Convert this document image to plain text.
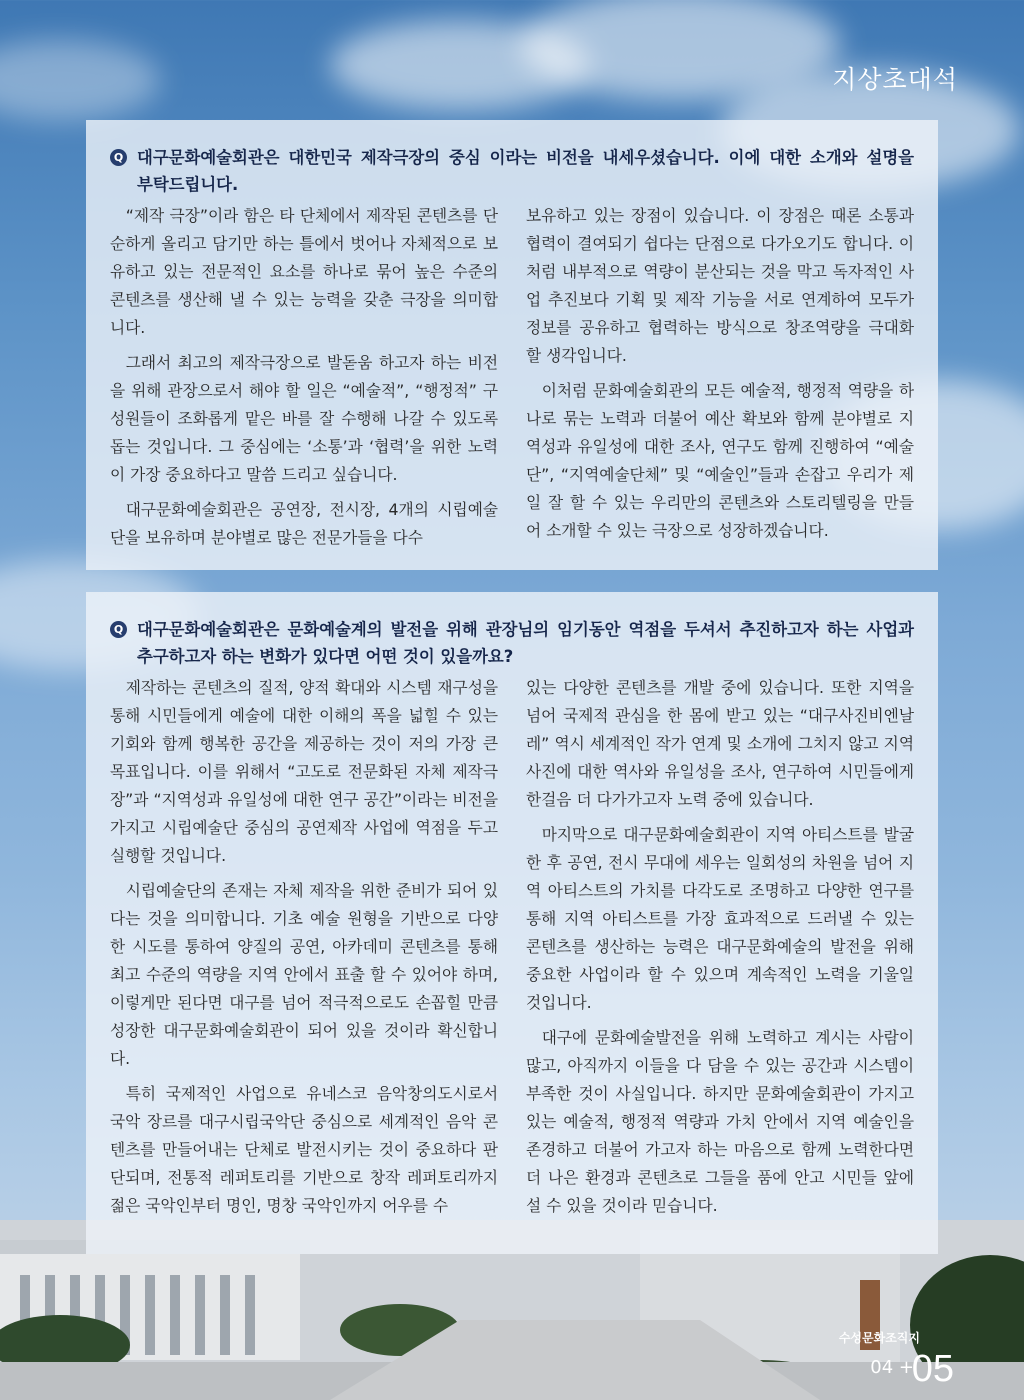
지상초대석
Q 대구문화예술회관은 대한민국 제작극장의 중심 이라는 비전을 내세우셨습니다. 이에 대한 소개와 설명을 부탁드립니다.

“제작 극장”이라 함은 타 단체에서 제작된 콘텐츠를 단순하게 올리고 담기만 하는 틀에서 벗어나 자체적으로 보유하고 있는 전문적인 요소를 하나로 묶어 높은 수준의 콘텐츠를 생산해 낼 수 있는 능력을 갖춘 극장을 의미합니다.

그래서 최고의 제작극장으로 발돋움 하고자 하는 비전을 위해 관장으로서 해야 할 일은 “예술적”, “행정적” 구성원들이 조화롭게 맡은 바를 잘 수행해 나갈 수 있도록 돕는 것입니다. 그 중심에는 ‘소통’과 ‘협력’을 위한 노력이 가장 중요하다고 말씀 드리고 싶습니다.

대구문화예술회관은 공연장, 전시장, 4개의 시립예술단을 보유하며 분야별로 많은 전문가들을 다수

보유하고 있는 장점이 있습니다. 이 장점은 때론 소통과 협력이 결여되기 쉽다는 단점으로 다가오기도 합니다. 이처럼 내부적으로 역량이 분산되는 것을 막고 독자적인 사업 추진보다 기획 및 제작 기능을 서로 연계하여 모두가 정보를 공유하고 협력하는 방식으로 창조역량을 극대화할 생각입니다.

이처럼 문화예술회관의 모든 예술적, 행정적 역량을 하나로 묶는 노력과 더불어 예산 확보와 함께 분야별로 지역성과 유일성에 대한 조사, 연구도 함께 진행하여 “예술단”, “지역예술단체” 및 “예술인”들과 손잡고 우리가 제일 잘 할 수 있는 우리만의 콘텐츠와 스토리텔링을 만들어 소개할 수 있는 극장으로 성장하겠습니다.

Q 대구문화예술회관은 문화예술계의 발전을 위해 관장님의 임기동안 역점을 두셔서 추진하고자 하는 사업과 추구하고자 하는 변화가 있다면 어떤 것이 있을까요?

제작하는 콘텐츠의 질적, 양적 확대와 시스템 재구성을 통해 시민들에게 예술에 대한 이해의 폭을 넓힐 수 있는 기회와 함께 행복한 공간을 제공하는 것이 저의 가장 큰 목표입니다. 이를 위해서 “고도로 전문화된 자체 제작극장”과 “지역성과 유일성에 대한 연구 공간”이라는 비전을 가지고 시립예술단 중심의 공연제작 사업에 역점을 두고 실행할 것입니다.

시립예술단의 존재는 자체 제작을 위한 준비가 되어 있다는 것을 의미합니다. 기초 예술 원형을 기반으로 다양한 시도를 통하여 양질의 공연, 아카데미 콘텐츠를 통해 최고 수준의 역량을 지역 안에서 표출 할 수 있어야 하며, 이렇게만 된다면 대구를 넘어 적극적으로도 손꼽힐 만큼 성장한 대구문화예술회관이 되어 있을 것이라 확신합니다.

특히 국제적인 사업으로 유네스코 음악창의도시로서 국악 장르를 대구시립국악단 중심으로 세계적인 음악 콘텐츠를 만들어내는 단체로 발전시키는 것이 중요하다 판단되며, 전통적 레퍼토리를 기반으로 창작 레퍼토리까지 젊은 국악인부터 명인, 명창 국악인까지 어우를 수

있는 다양한 콘텐츠를 개발 중에 있습니다. 또한 지역을 넘어 국제적 관심을 한 몸에 받고 있는 “대구사진비엔날레” 역시 세계적인 작가 연계 및 소개에 그치지 않고 지역 사진에 대한 역사와 유일성을 조사, 연구하여 시민들에게 한걸음 더 다가가고자 노력 중에 있습니다.

마지막으로 대구문화예술회관이 지역 아티스트를 발굴한 후 공연, 전시 무대에 세우는 일회성의 차원을 넘어 지역 아티스트의 가치를 다각도로 조명하고 다양한 연구를 통해 지역 아티스트를 가장 효과적으로 드러낼 수 있는 콘텐츠를 생산하는 능력은 대구문화예술의 발전을 위해 중요한 사업이라 할 수 있으며 계속적인 노력을 기울일 것입니다.

대구에 문화예술발전을 위해 노력하고 계시는 사람이 많고, 아직까지 이들을 다 담을 수 있는 공간과 시스템이 부족한 것이 사실입니다. 하지만 문화예술회관이 가지고 있는 예술적, 행정적 역량과 가치 안에서 지역 예술인을 존경하고 더불어 가고자 하는 마음으로 함께 노력한다면 더 나은 환경과 콘텐츠로 그들을 품에 안고 시민들 앞에 설 수 있을 것이라 믿습니다.

수성문화조직지
04 +
05
